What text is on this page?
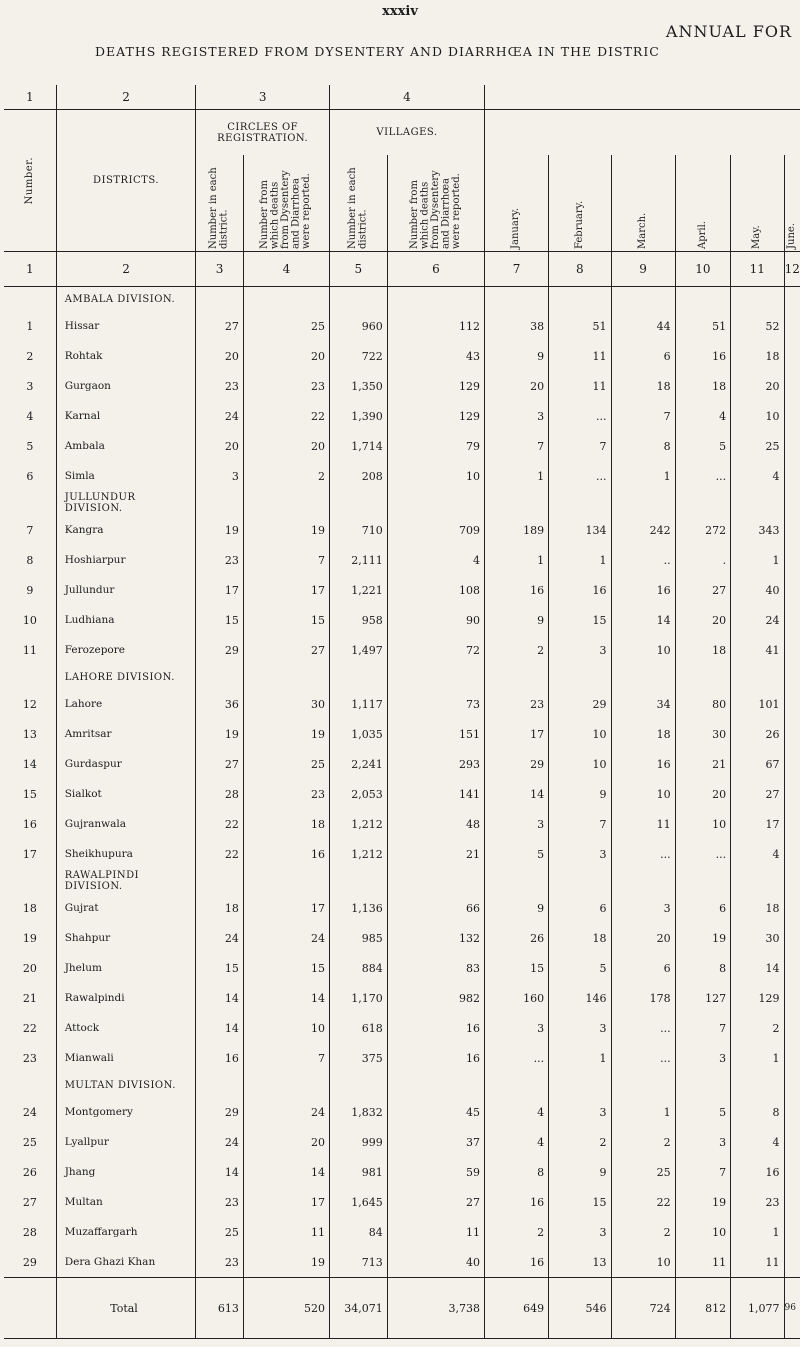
xxxiv
ANNUAL FOR
DEATHS REGISTERED FROM DYSENTERY AND DIARRHŒA IN THE DISTRIC
1	2	3		4							

Number.	DISTRICTS.	CIRCLES OF REGISTRATION.		VILLAGES.							

		Number in each district.	Number from which deaths from Dysentery and Diarrhœa were reported.	Number in each district.	Number from which deaths from Dysentery and Diarrhœa were reported.	January.	February.	March.	April.	May.	June.

1	2	3	4	5	6	7	8	9	10	11	12
	AMBALA DIVISION.										
1	Hissar	27	25	960	112	38	51	44	51	52	
2	Rohtak	20	20	722	43	9	11	6	16	18	
3	Gurgaon	23	23	1,350	129	20	11	18	18	20	
4	Karnal	24	22	1,390	129	3	...	7	4	10	
5	Ambala	20	20	1,714	79	7	7	8	5	25	
6	Simla	3	2	208	10	1	...	1	...	4	
	JULLUNDUR DIVISION.										
7	Kangra	19	19	710	709	189	134	242	272	343	
8	Hoshiarpur	23	7	2,111	4	1	1	..	.	1	
9	Jullundur	17	17	1,221	108	16	16	16	27	40	
10	Ludhiana	15	15	958	90	9	15	14	20	24	
11	Ferozepore	29	27	1,497	72	2	3	10	18	41	
	LAHORE DIVISION.										
12	Lahore	36	30	1,117	73	23	29	34	80	101	
13	Amritsar	19	19	1,035	151	17	10	18	30	26	
14	Gurdaspur	27	25	2,241	293	29	10	16	21	67	
15	Sialkot	28	23	2,053	141	14	9	10	20	27	
16	Gujranwala	22	18	1,212	48	3	7	11	10	17	
17	Sheikhupura	22	16	1,212	21	5	3	...	...	4	
	RAWALPINDI DIVISION.										
18	Gujrat	18	17	1,136	66	9	6	3	6	18	
19	Shahpur	24	24	985	132	26	18	20	19	30	
20	Jhelum	15	15	884	83	15	5	6	8	14	
21	Rawalpindi	14	14	1,170	982	160	146	178	127	129	
22	Attock	14	10	618	16	3	3	...	7	2	
23	Mianwali	16	7	375	16	...	1	...	3	1	
	MULTAN DIVISION.										
24	Montgomery	29	24	1,832	45	4	3	1	5	8	
25	Lyallpur	24	20	999	37	4	2	2	3	4	
26	Jhang	14	14	981	59	8	9	25	7	16	
27	Multan	23	17	1,645	27	16	15	22	19	23	
28	Muzaffargarh	25	11	84	11	2	3	2	10	1	
29	Dera Ghazi Khan	23	19	713	40	16	13	10	11	11	
	Total	613	520	34,071	3,738	649	546	724	812	1,077	96
